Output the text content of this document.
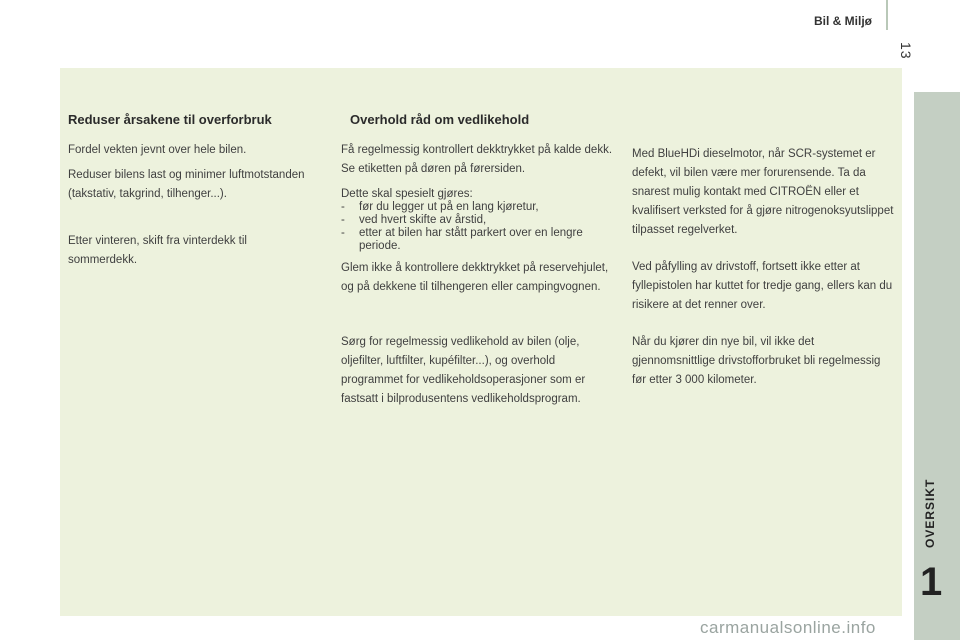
Bil & Miljø
13
OVERSIKT
1
Reduser årsakene til overforbruk

Fordel vekten jevnt over hele bilen.

Reduser bilens last og minimer luftmotstanden (takstativ, takgrind, tilhenger...).

Etter vinteren, skift fra vinterdekk til sommerdekk.

Overhold råd om vedlikehold

Få regelmessig kontrollert dekktrykket på kalde dekk. Se etiketten på døren på førersiden.

Dette skal spesielt gjøres:

- før du legger ut på en lang kjøretur,
- ved hvert skifte av årstid,
- etter at bilen har stått parkert over en lengre periode.

Glem ikke å kontrollere dekktrykket på reservehjulet, og på dekkene til tilhengeren eller campingvognen.

Sørg for regelmessig vedlikehold av bilen (olje, oljefilter, luftfilter, kupéfilter...), og overhold programmet for vedlikeholdsoperasjoner som er fastsatt i bilprodusentens vedlikeholdsprogram.

Med BlueHDi dieselmotor, når SCR-systemet er defekt, vil bilen være mer forurensende. Ta da snarest mulig kontakt med CITROËN eller et kvalifisert verksted for å gjøre nitrogenoksyutslippet tilpasset regelverket.

Ved påfylling av drivstoff, fortsett ikke etter at fyllepistolen har kuttet for tredje gang, ellers kan du risikere at det renner over.

Når du kjører din nye bil, vil ikke det gjennomsnittlige drivstofforbruket bli regelmessig før etter 3 000 kilometer.

carmanualsonline.info
